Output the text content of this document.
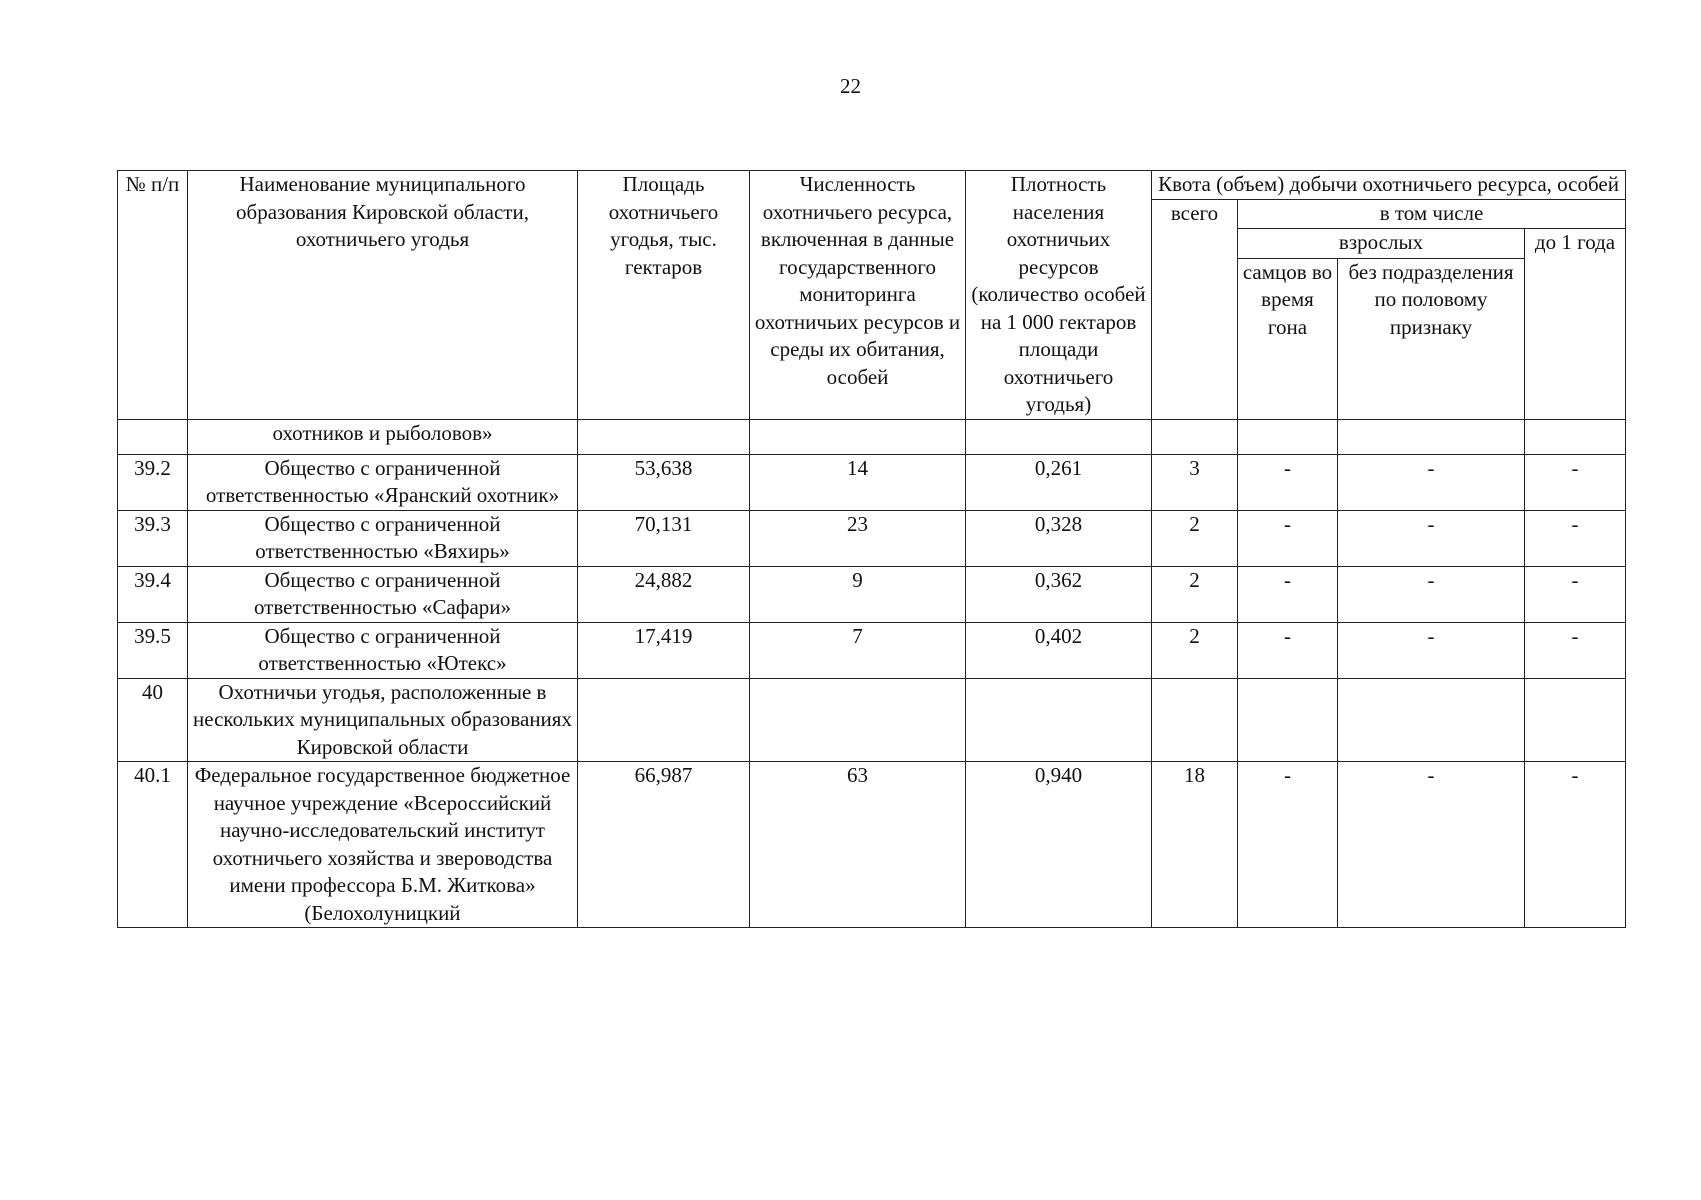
22
№ п/п	Наименование муниципального образования Кировской области, охотничьего угодья	Площадь охотничьего угодья, тыс. гектаров	Численность охотничьего ресурса, включенная в данные государственного мониторинга охотничьих ресурсов и среды их обитания, особей	Плотность населения охотничьих ресурсов (количество особей на 1 000 гектаров площади охотничьего угодья)	Квота (объем) добычи охотничьего ресурса, особей			
					всего	в том числе		
						взрослых		до 1 года
						самцов во время гона	без подразделения по половому признаку	
	охотников и рыболовов»							
39.2	Общество с ограниченной ответственностью «Яранский охотник»	53,638	14	0,261	3	-	-	-
39.3	Общество с ограниченной ответственностью «Вяхирь»	70,131	23	0,328	2	-	-	-
39.4	Общество с ограниченной ответственностью «Сафари»	24,882	9	0,362	2	-	-	-
39.5	Общество с ограниченной ответственностью «Ютекс»	17,419	7	0,402	2	-	-	-
40	Охотничьи угодья, расположенные в нескольких муниципальных образованиях Кировской области							
40.1	Федеральное государственное бюджетное научное учреждение «Всероссийский научно-исследовательский институт охотничьего хозяйства и звероводства имени профессора Б.М. Житкова» (Белохолуницкий	66,987	63	0,940	18	-	-	-
